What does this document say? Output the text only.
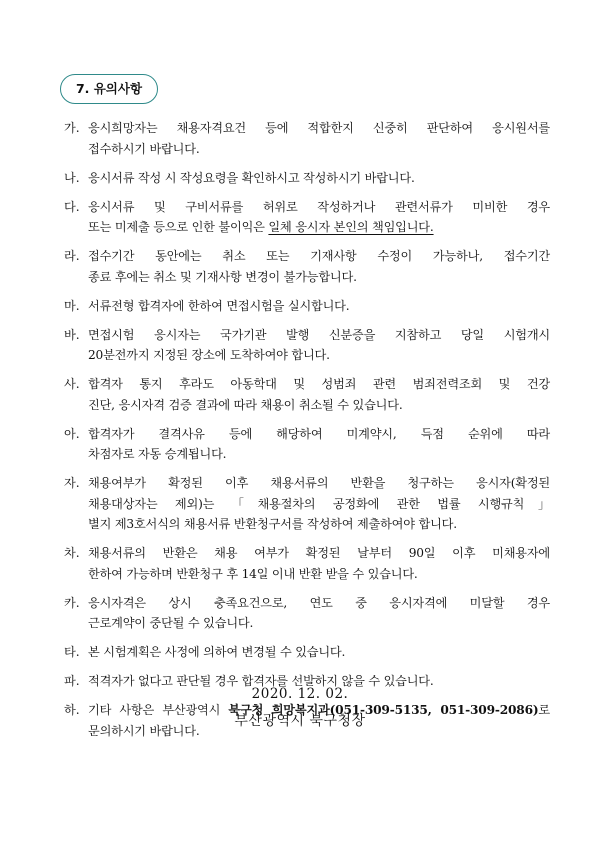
7. 유의사항
가. 응시희망자는 채용자격요건 등에 적합한지 신중히 판단하여 응시원서를
접수하시기 바랍니다.
나. 응시서류 작성 시 작성요령을 확인하시고 작성하시기 바랍니다.
다. 응시서류 및 구비서류를 허위로 작성하거나 관련서류가 미비한 경우
또는 미제출 등으로 인한 불이익은 일체 응시자 본인의 책임입니다.
라. 접수기간 동안에는 취소 또는 기재사항 수정이 가능하나, 접수기간
종료 후에는 취소 및 기재사항 변경이 불가능합니다.
마. 서류전형 합격자에 한하여 면접시험을 실시합니다.
바. 면접시험 응시자는 국가기관 발행 신분증을 지참하고 당일 시험개시
20분전까지 지정된 장소에 도착하여야 합니다.
사. 합격자 통지 후라도 아동학대 및 성범죄 관련 범죄전력조회 및 건강
진단, 응시자격 검증 결과에 따라 채용이 취소될 수 있습니다.
아. 합격자가 결격사유 등에 해당하여 미계약시, 득점 순위에 따라
차점자로 자동 승계됩니다.
자. 채용여부가 확정된 이후 채용서류의 반환을 청구하는 응시자(확정된
채용대상자는 제외)는 「채용절차의 공정화에 관한 법률 시행규칙」
별지 제3호서식의 채용서류 반환청구서를 작성하여 제출하여야 합니다.
차. 채용서류의 반환은 채용 여부가 확정된 날부터 90일 이후 미채용자에
한하여 가능하며 반환청구 후 14일 이내 반환 받을 수 있습니다.
카. 응시자격은 상시 충족요건으로, 연도 중 응시자격에 미달할 경우
근로계약이 중단될 수 있습니다.
타. 본 시험계획은 사정에 의하여 변경될 수 있습니다.
파. 적격자가 없다고 판단될 경우 합격자를 선발하지 않을 수 있습니다.
하. 기타 사항은 부산광역시 북구청 희망복지과(051-309-5135, 051-309-2086)로
문의하시기 바랍니다.
2020. 12. 02.
부산광역시 북구청장
